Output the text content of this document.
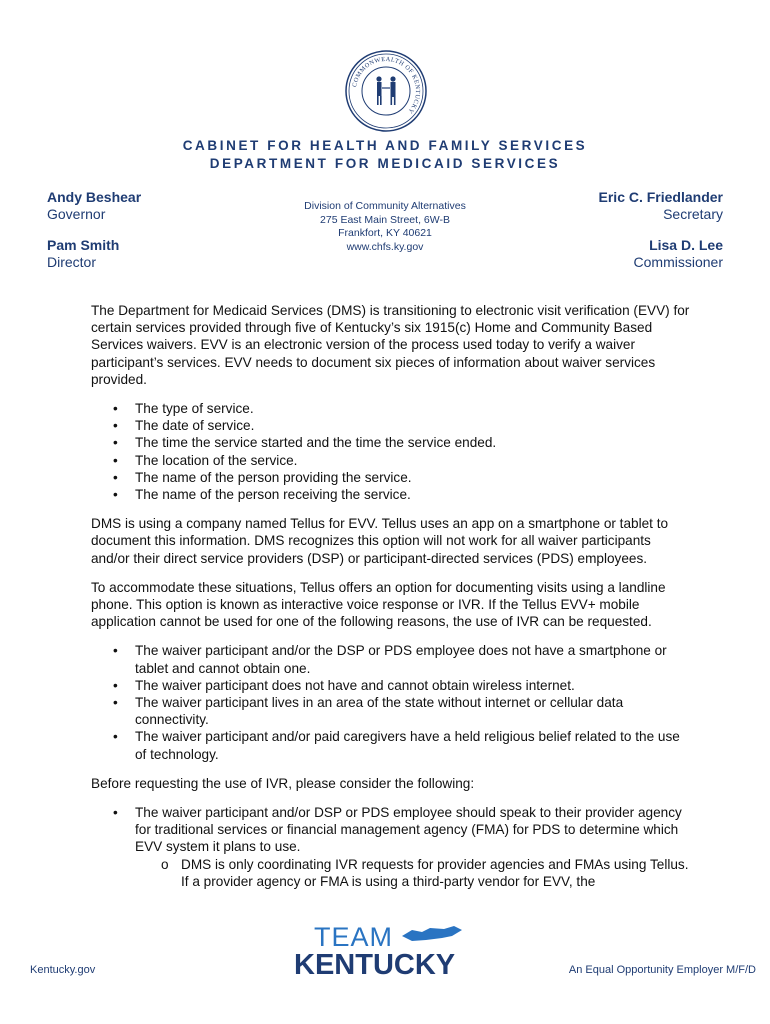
COMMONWEALTH OF KENTUCKY
CABINET FOR HEALTH AND FAMILY SERVICES
DEPARTMENT FOR MEDICAID SERVICES
Andy Beshear
Governor
Pam Smith
Director
Eric C. Friedlander
Secretary
Lisa D. Lee
Commissioner
Division of Community Alternatives
275 East Main Street, 6W-B
Frankfort, KY 40621
www.chfs.ky.gov

The Department for Medicaid Services (DMS) is transitioning to electronic visit verification (EVV) for certain services provided through five of Kentucky’s six 1915(c) Home and Community Based Services waivers. EVV is an electronic version of the process used today to verify a waiver participant’s services. EVV needs to document six pieces of information about waiver services provided.

• The type of service.
• The date of service.
• The time the service started and the time the service ended.
• The location of the service.
• The name of the person providing the service.
• The name of the person receiving the service.

DMS is using a company named Tellus for EVV. Tellus uses an app on a smartphone or tablet to document this information. DMS recognizes this option will not work for all waiver participants and/or their direct service providers (DSP) or participant-directed services (PDS) employees.

To accommodate these situations, Tellus offers an option for documenting visits using a landline phone. This option is known as interactive voice response or IVR. If the Tellus EVV+ mobile application cannot be used for one of the following reasons, the use of IVR can be requested.

• The waiver participant and/or the DSP or PDS employee does not have a smartphone or tablet and cannot obtain one.
• The waiver participant does not have and cannot obtain wireless internet.
• The waiver participant lives in an area of the state without internet or cellular data connectivity.
• The waiver participant and/or paid caregivers have a held religious belief related to the use of technology.

Before requesting the use of IVR, please consider the following:

• The waiver participant and/or DSP or PDS employee should speak to their provider agency for traditional services or financial management agency (FMA) for PDS to determine which EVV system it plans to use.
o DMS is only coordinating IVR requests for provider agencies and FMAs using Tellus. If a provider agency or FMA is using a third-party vendor for EVV, the
Kentucky.gov
TEAM
KENTUCKY	An Equal Opportunity Employer M/F/D
